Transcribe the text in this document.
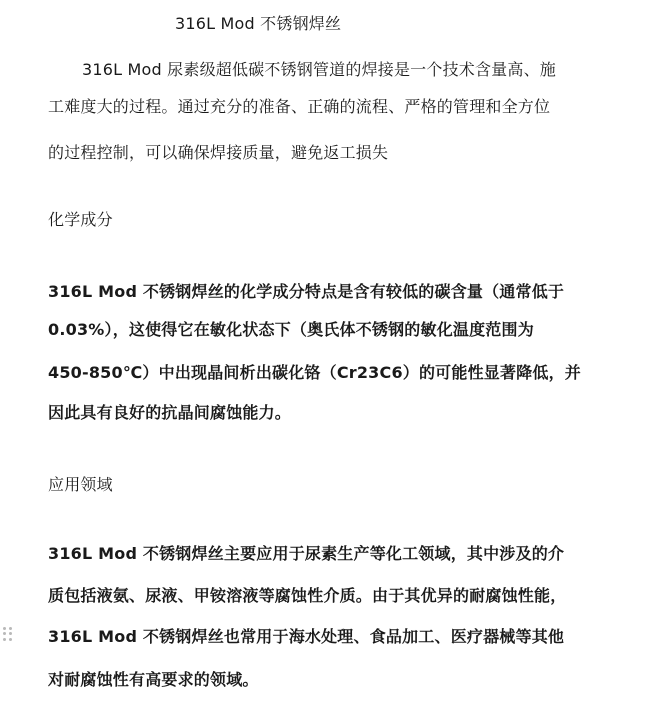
316L Mod 不锈钢焊丝
316L Mod 尿素级超低碳不锈钢管道的焊接是一个技术含量高、施
工难度大的过程。通过充分的准备、正确的流程、严格的管理和全方位
的过程控制，可以确保焊接质量，避免返工损失
化学成分
316L Mod 不锈钢焊丝的化学成分特点是含有较低的碳含量（通常低于
0.03%），这使得它在敏化状态下（奥氏体不锈钢的敏化温度范围为
450-850℃）中出现晶间析出碳化铬（Cr23C6）的可能性显著降低，并
因此具有良好的抗晶间腐蚀能力。
应用领域
316L Mod 不锈钢焊丝主要应用于尿素生产等化工领域，其中涉及的介
质包括液氨、尿液、甲铵溶液等腐蚀性介质。由于其优异的耐腐蚀性能，
316L Mod 不锈钢焊丝也常用于海水处理、食品加工、医疗器械等其他
对耐腐蚀性有高要求的领域。
